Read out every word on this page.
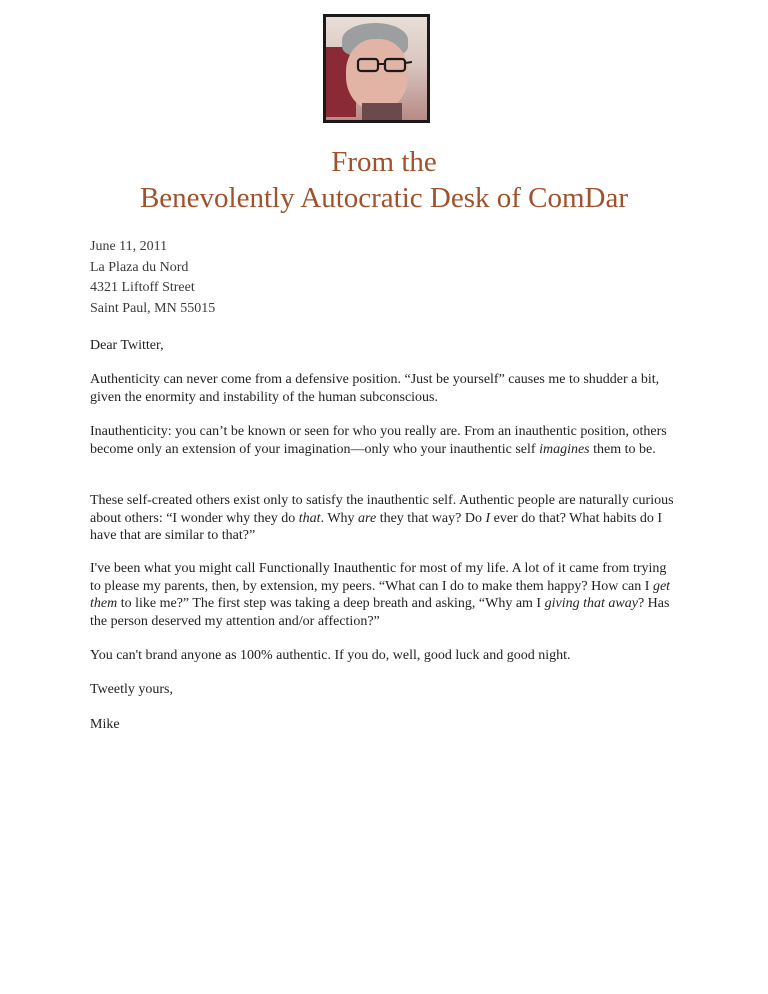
From the
Benevolently Autocratic Desk of ComDar
June 11, 2011
La Plaza du Nord
4321 Liftoff Street
Saint Paul, MN 55015

Dear Twitter,

Authenticity can never come from a defensive position. “Just be yourself” causes me to shudder a bit, given the enormity and instability of the human subconscious.

Inauthenticity: you can’t be known or seen for who you really are. From an inauthentic position, others become only an extension of your imagination—only who your inauthentic self imagines them to be.

These self-created others exist only to satisfy the inauthentic self. Authentic people are naturally curious about others: “I wonder why they do that. Why are they that way? Do I ever do that? What habits do I have that are similar to that?”

I've been what you might call Functionally Inauthentic for most of my life. A lot of it came from trying to please my parents, then, by extension, my peers. “What can I do to make them happy? How can I get them to like me?” The first step was taking a deep breath and asking, “Why am I giving that away? Has the person deserved my attention and/or affection?”

You can't brand anyone as 100% authentic. If you do, well, good luck and good night.

Tweetly yours,

Mike
